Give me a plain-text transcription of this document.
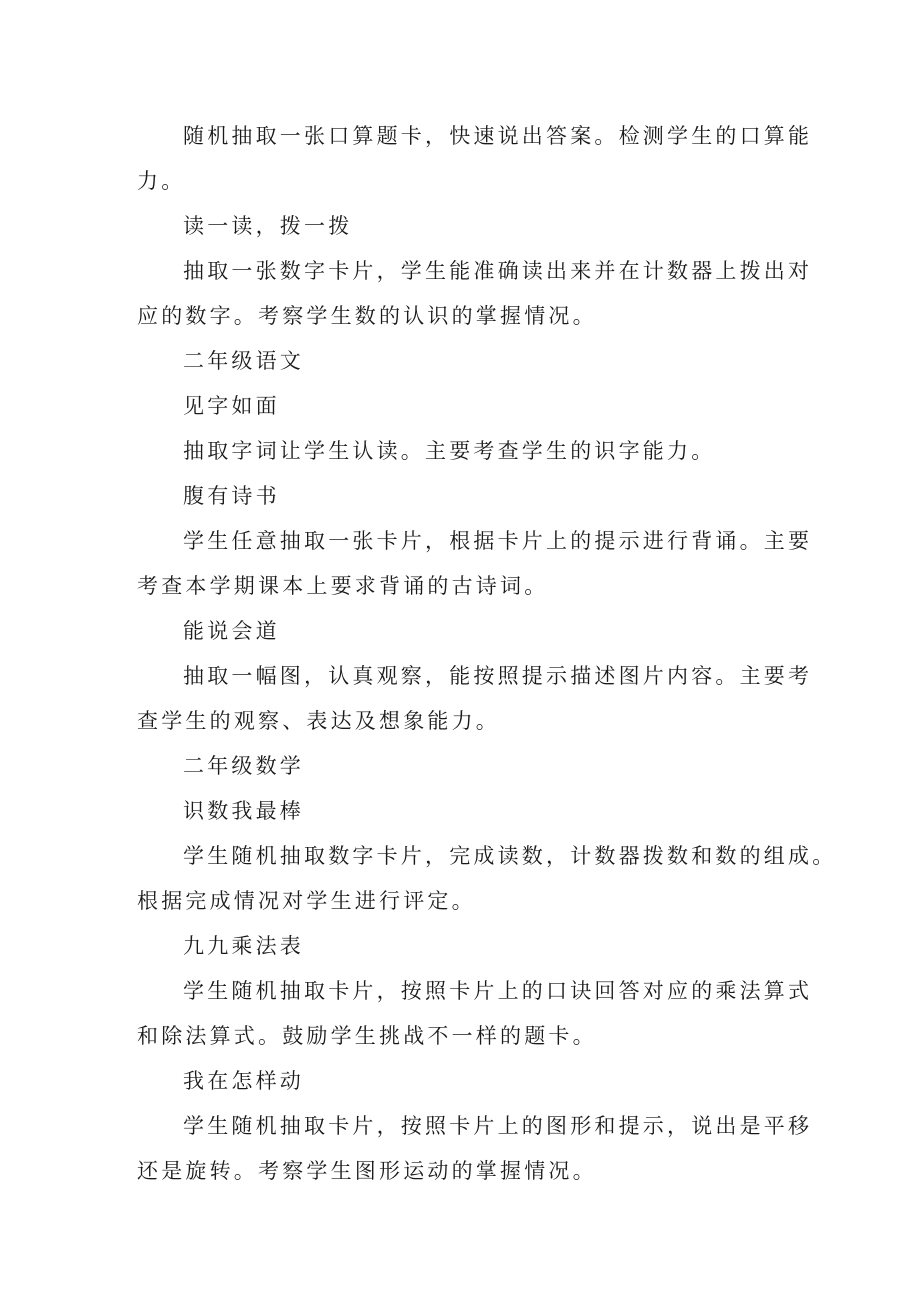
随机抽取一张口算题卡，快速说出答案。检测学生的口算能

力。

读一读，拨一拨

抽取一张数字卡片，学生能准确读出来并在计数器上拨出对

应的数字。考察学生数的认识的掌握情况。

二年级语文

见字如面

抽取字词让学生认读。主要考查学生的识字能力。

腹有诗书

学生任意抽取一张卡片，根据卡片上的提示进行背诵。主要

考查本学期课本上要求背诵的古诗词。

能说会道

抽取一幅图，认真观察，能按照提示描述图片内容。主要考

查学生的观察、表达及想象能力。

二年级数学

识数我最棒

学生随机抽取数字卡片，完成读数，计数器拨数和数的组成。

根据完成情况对学生进行评定。

九九乘法表

学生随机抽取卡片，按照卡片上的口诀回答对应的乘法算式

和除法算式。鼓励学生挑战不一样的题卡。

我在怎样动

学生随机抽取卡片，按照卡片上的图形和提示，说出是平移

还是旋转。考察学生图形运动的掌握情况。
